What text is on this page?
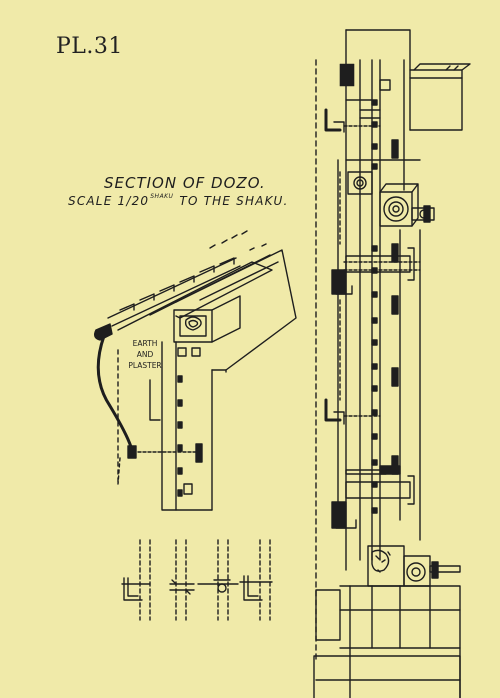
PL.31
SECTION OF DOZO.
SCALE $1/20^{SHAKU}$ TO THE SHAKU.
EARTH
AND
PLASTER
